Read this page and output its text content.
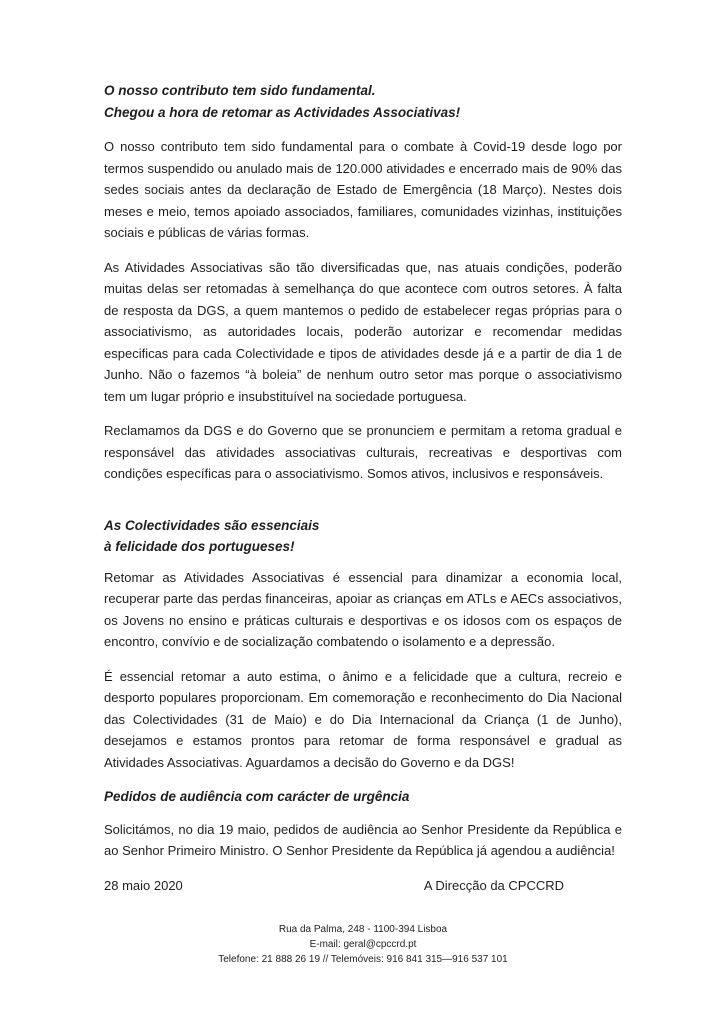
O nosso contributo tem sido fundamental.
Chegou a hora de retomar as Actividades Associativas!

O nosso contributo tem sido fundamental para o combate à Covid-19 desde logo por termos suspendido ou anulado mais de 120.000 atividades e encerrado mais de 90% das sedes sociais antes da declaração de Estado de Emergência (18 Março). Nestes dois meses e meio, temos apoiado associados, familiares, comunidades vizinhas, instituições sociais e públicas de várias formas.

As Atividades Associativas são tão diversificadas que, nas atuais condições, poderão muitas delas ser retomadas à semelhança do que acontece com outros setores. À falta de resposta da DGS, a quem mantemos o pedido de estabelecer regas próprias para o associativismo, as autoridades locais, poderão autorizar e recomendar medidas especificas para cada Colectividade e tipos de atividades desde já e a partir de dia 1 de Junho. Não o fazemos “à boleia” de nenhum outro setor mas porque o associativismo tem um lugar próprio e insubstituível na sociedade portuguesa.

Reclamamos da DGS e do Governo que se pronunciem e permitam a retoma gradual e responsável das atividades associativas culturais, recreativas e desportivas com condições específicas para o associativismo. Somos ativos, inclusivos e responsáveis.

As Colectividades são essenciais
à felicidade dos portugueses!

Retomar as Atividades Associativas é essencial para dinamizar a economia local, recuperar parte das perdas financeiras, apoiar as crianças em ATLs e AECs associativos, os Jovens no ensino e práticas culturais e desportivas e os idosos com os espaços de encontro, convívio e de socialização combatendo o isolamento e a depressão.

É essencial retomar a auto estima, o ânimo e a felicidade que a cultura, recreio e desporto populares proporcionam. Em comemoração e reconhecimento do Dia Nacional das Colectividades (31 de Maio) e do Dia Internacional da Criança (1 de Junho), desejamos e estamos prontos para retomar de forma responsável e gradual as Atividades Associativas. Aguardamos a decisão do Governo e da DGS!

Pedidos de audiência com carácter de urgência

Solicitámos, no dia 19 maio, pedidos de audiência ao Senhor Presidente da República e ao Senhor Primeiro Ministro. O Senhor Presidente da República já agendou a audiência!

28 maio 2020	A Direcção da CPCCRD
Rua da Palma, 248 - 1100-394 Lisboa
E-mail: geral@cpccrd.pt
Telefone: 21 888 26 19 // Telemóveis: 916 841 315—916 537 101
